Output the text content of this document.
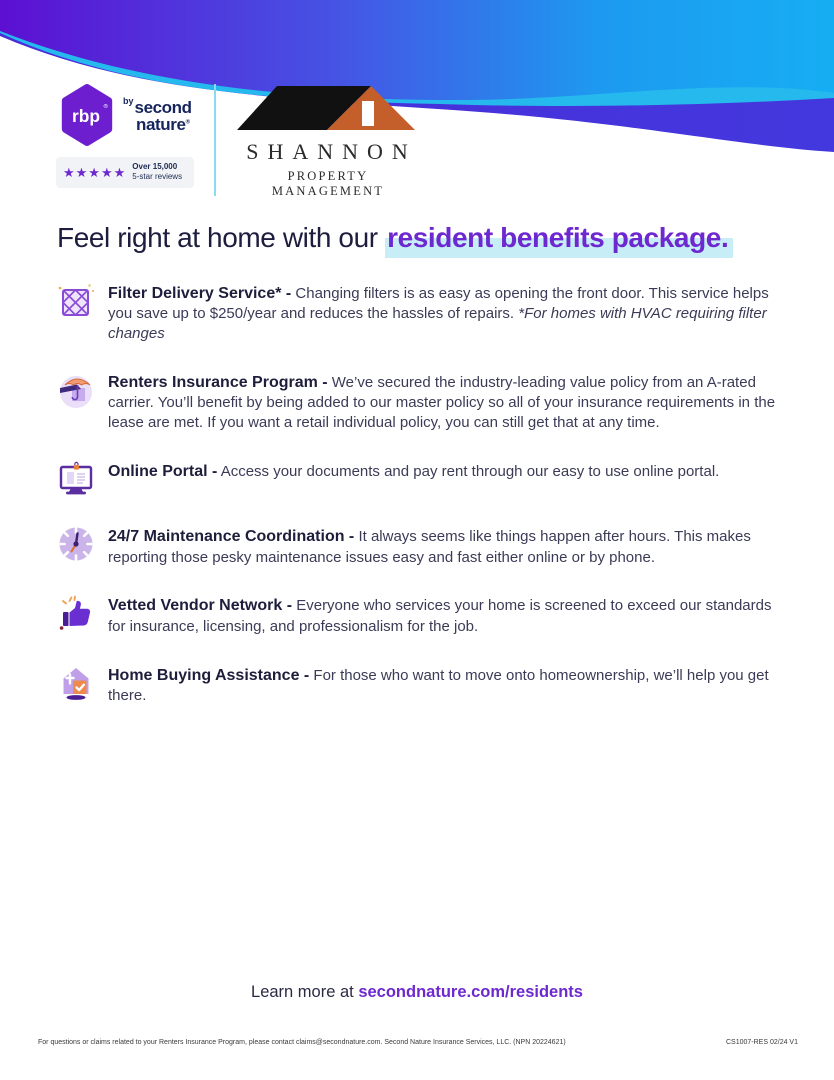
rbp ®
$^{by}$second
nature®
★★★★★ Over 15,000
5-star reviews
SHANNON
PROPERTY MANAGEMENT
Feel right at home with our resident benefits package.

Filter Delivery Service* - Changing filters is as easy as opening the front door. This service helps you save up to $250/year and reduces the hassles of repairs. *For homes with HVAC requiring filter changes

Renters Insurance Program - We’ve secured the industry-leading value policy from an A-rated carrier. You’ll benefit by being added to our master policy so all of your insurance requirements in the lease are met. If you want a retail individual policy, you can still get that at any time.

Online Portal - Access your documents and pay rent through our easy to use online portal.

24/7 Maintenance Coordination - It always seems like things happen after hours. This makes reporting those pesky maintenance issues easy and fast either online or by phone.

Vetted Vendor Network - Everyone who services your home is screened to exceed our standards for insurance, licensing, and professionalism for the job.

Home Buying Assistance - For those who want to move onto homeownership, we’ll help you get there.

Learn more at secondnature.com/residents
For questions or claims related to your Renters Insurance Program, please contact claims@secondnature.com. Second Nature Insurance Services, LLC. (NPN 20224621)	CS1007-RES 02/24 V1
